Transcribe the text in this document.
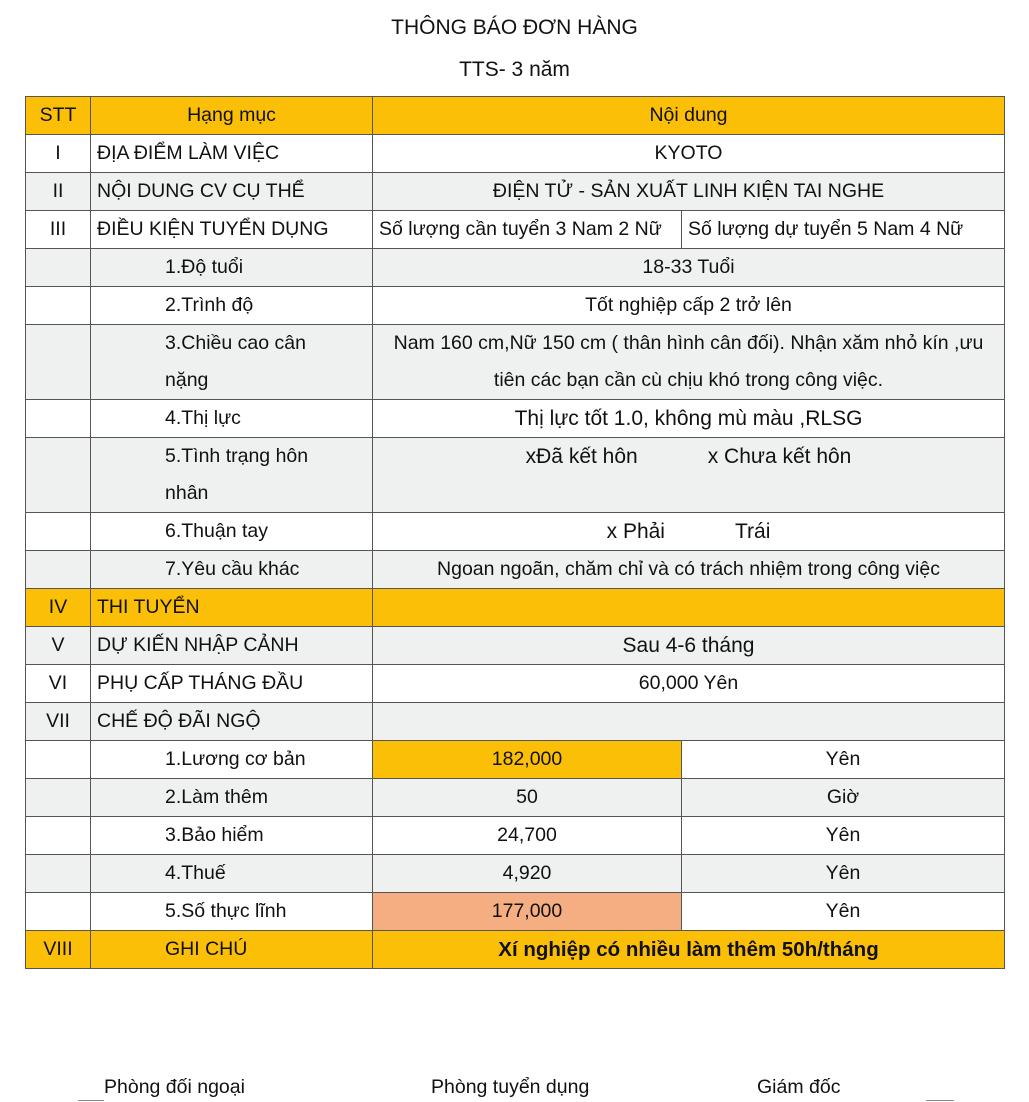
THÔNG BÁO ĐƠN HÀNG
TTS- 3 năm
STT	Hạng mục	Nội dung	
I	ĐỊA ĐIỂM LÀM VIỆC	KYOTO	
II	NỘI DUNG CV CỤ THỂ	ĐIỆN TỬ - SẢN XUẤT LINH KIỆN TAI NGHE	
III	ĐIỀU KIỆN TUYỂN DỤNG	Số lượng cần tuyển 3 Nam 2 Nữ	Số lượng dự tuyển 5 Nam 4 Nữ
	1.Độ tuổi	18-33 Tuổi	
	2.Trình độ	Tốt nghiệp cấp 2 trở lên	
	3.Chiều cao cân nặng	Nam 160 cm,Nữ 150 cm ( thân hình cân đối). Nhận xăm nhỏ kín ,ưu tiên các bạn cần cù chịu khó trong công việc.	
	4.Thị lực	Thị lực tốt 1.0, không mù màu ,RLSG	
	5.Tình trạng hôn nhân	xĐã kết hôn x Chưa kết hôn	
	6.Thuận tay	x Phải Trái	
	7.Yêu cầu khác	Ngoan ngoãn, chăm chỉ và có trách nhiệm trong công việc	
IV	THI TUYỂN		
V	DỰ KIẾN NHẬP CẢNH	Sau 4-6 tháng	
VI	PHỤ CẤP THÁNG ĐẦU	60,000 Yên	
VII	CHẾ ĐỘ ĐÃI NGỘ		
	1.Lương cơ bản	182,000	Yên
	2.Làm thêm	50	Giờ
	3.Bảo hiểm	24,700	Yên
	4.Thuế	4,920	Yên
	5.Số thực lĩnh	177,000	Yên
VIII	GHI CHÚ	Xí nghiệp có nhiều làm thêm 50h/tháng	
Phòng đối ngoại	Phòng tuyển dụng	Giám đốc
